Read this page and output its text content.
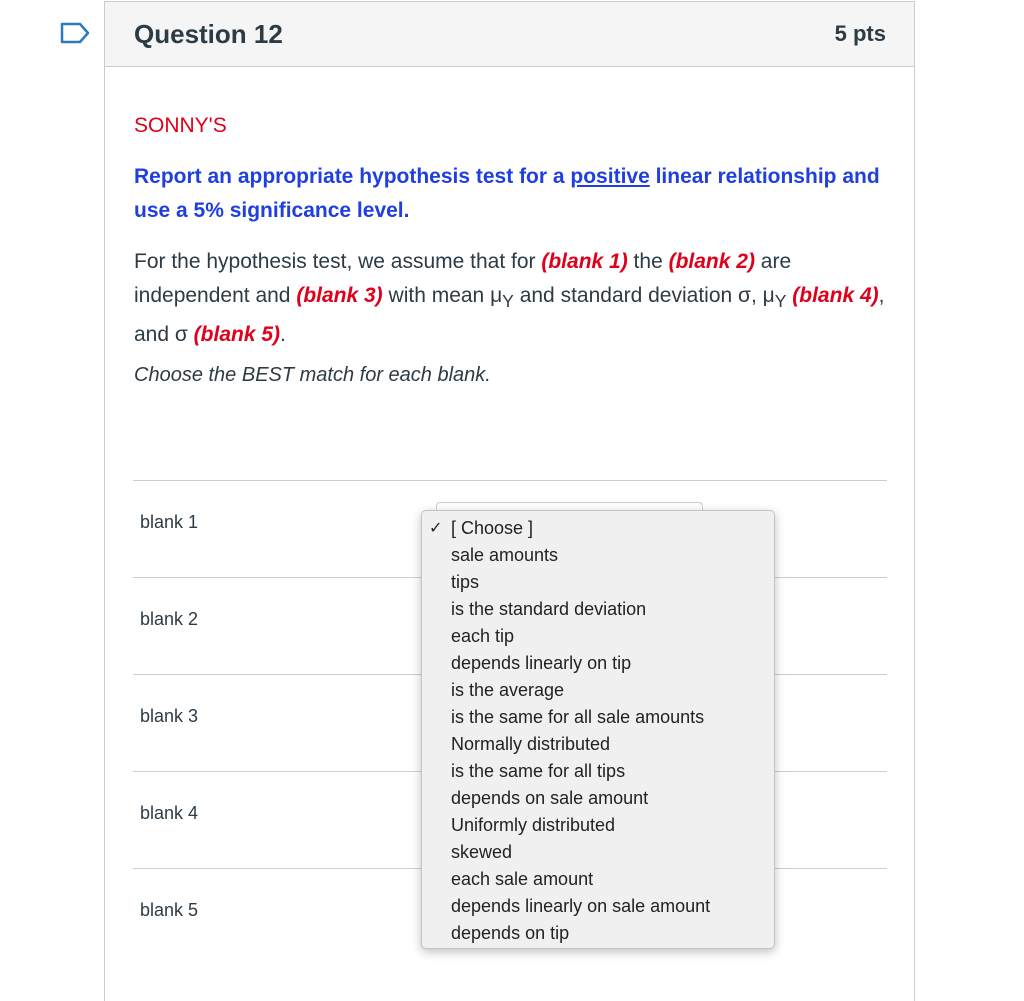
Question 12	5 pts
SONNY'S
Report an appropriate hypothesis test for a positive linear relationship and use a 5% significance level.
For the hypothesis test, we assume that for (blank 1) the (blank 2) are independent and (blank 3) with mean $\mu_Y$ and standard deviation σ, $\mu_Y$ (blank 4), and σ (blank 5).
Choose the BEST match for each blank.
blank 1
blank 2
blank 3
blank 4
blank 5
✓ [ Choose ]
sale amounts
tips
is the standard deviation
each tip
depends linearly on tip
is the average
is the same for all sale amounts
Normally distributed
is the same for all tips
depends on sale amount
Uniformly distributed
skewed
each sale amount
depends linearly on sale amount
depends on tip
